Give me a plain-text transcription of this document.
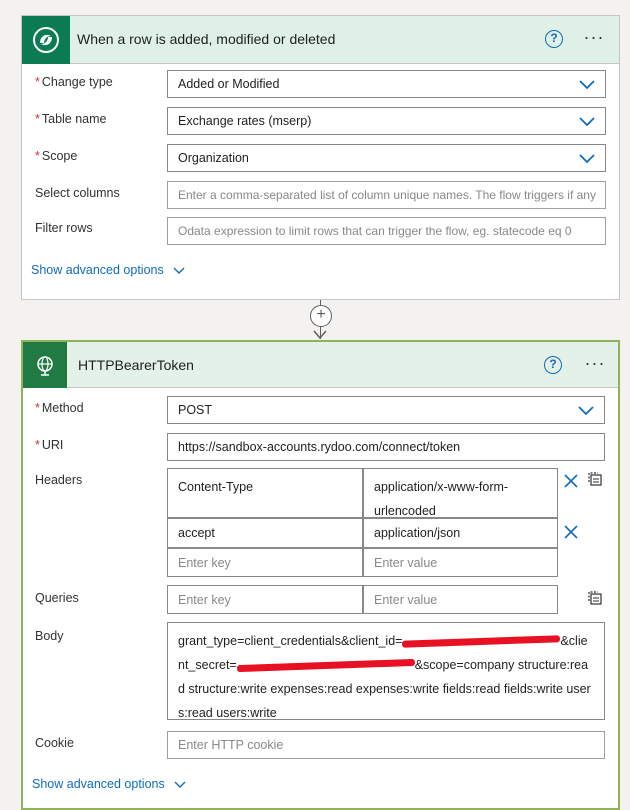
+
When a row is added, modified or deleted	? ···
* Change type	Added or Modified
* Table name	Exchange rates (mserp)
* Scope	Organization
Select columns	Enter a comma-separated list of column unique names. The flow triggers if any
Filter rows	Odata expression to limit rows that can trigger the flow, eg. statecode eq 0
Show advanced options
HTTPBearerToken	? ···
* Method	POST
* URI	https://sandbox-accounts.rydoo.com/connect/token
Headers	Content-Type	application/x-www-form-urlencoded
accept	application/json
Enter key	Enter value
Queries	Enter key	Enter value
Body	grant_type=client_credentials&client_id=	&client_secret=	&scope=company structure:read structure:write expenses:read expenses:write fields:read fields:write users:read users:write
Cookie	Enter HTTP cookie
Show advanced options
